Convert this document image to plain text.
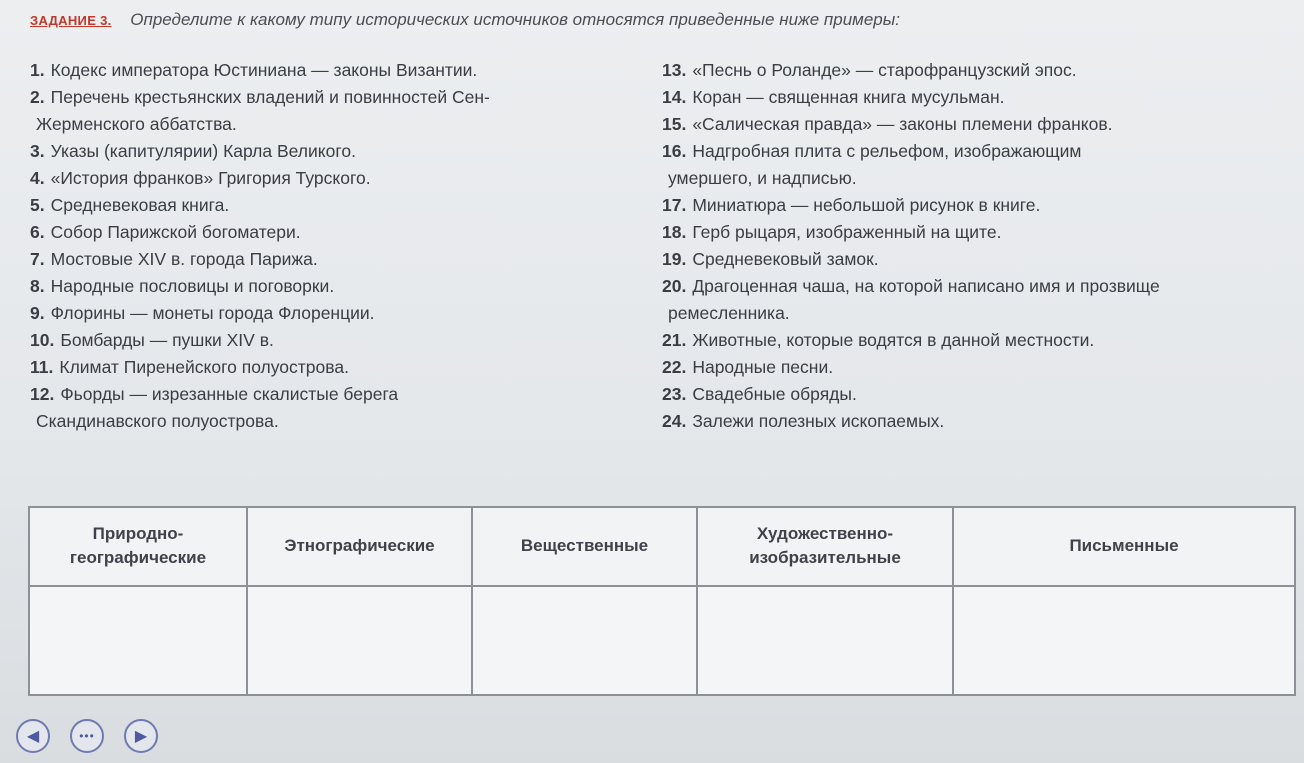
ЗАДАНИЕ 3. Определите к какому типу исторических источников относятся приведенные ниже примеры:
1. Кодекс императора Юстиниана — законы Византии.
2. Перечень крестьянских владений и повинностей Сен-
Жерменского аббатства.
3. Указы (капитулярии) Карла Великого.
4. «История франков» Григория Турского.
5. Средневековая книга.
6. Собор Парижской богоматери.
7. Мостовые XIV в. города Парижа.
8. Народные пословицы и поговорки.
9. Флорины — монеты города Флоренции.
10. Бомбарды — пушки XIV в.
11. Климат Пиренейского полуострова.
12. Фьорды — изрезанные скалистые берега
Скандинавского полуострова.
13. «Песнь о Роланде» — старофранцузский эпос.
14. Коран — священная книга мусульман.
15. «Салическая правда» — законы племени франков.
16. Надгробная плита с рельефом, изображающим
умершего, и надписью.
17. Миниатюра — небольшой рисунок в книге.
18. Герб рыцаря, изображенный на щите.
19. Средневековый замок.
20. Драгоценная чаша, на которой написано имя и прозвище
ремесленника.
21. Животные, которые водятся в данной местности.
22. Народные песни.
23. Свадебные обряды.
24. Залежи полезных ископаемых.
Природно-географические	Этнографические	Вещественные	Художественно-изобразительные	Письменные

◀	•••	▶
